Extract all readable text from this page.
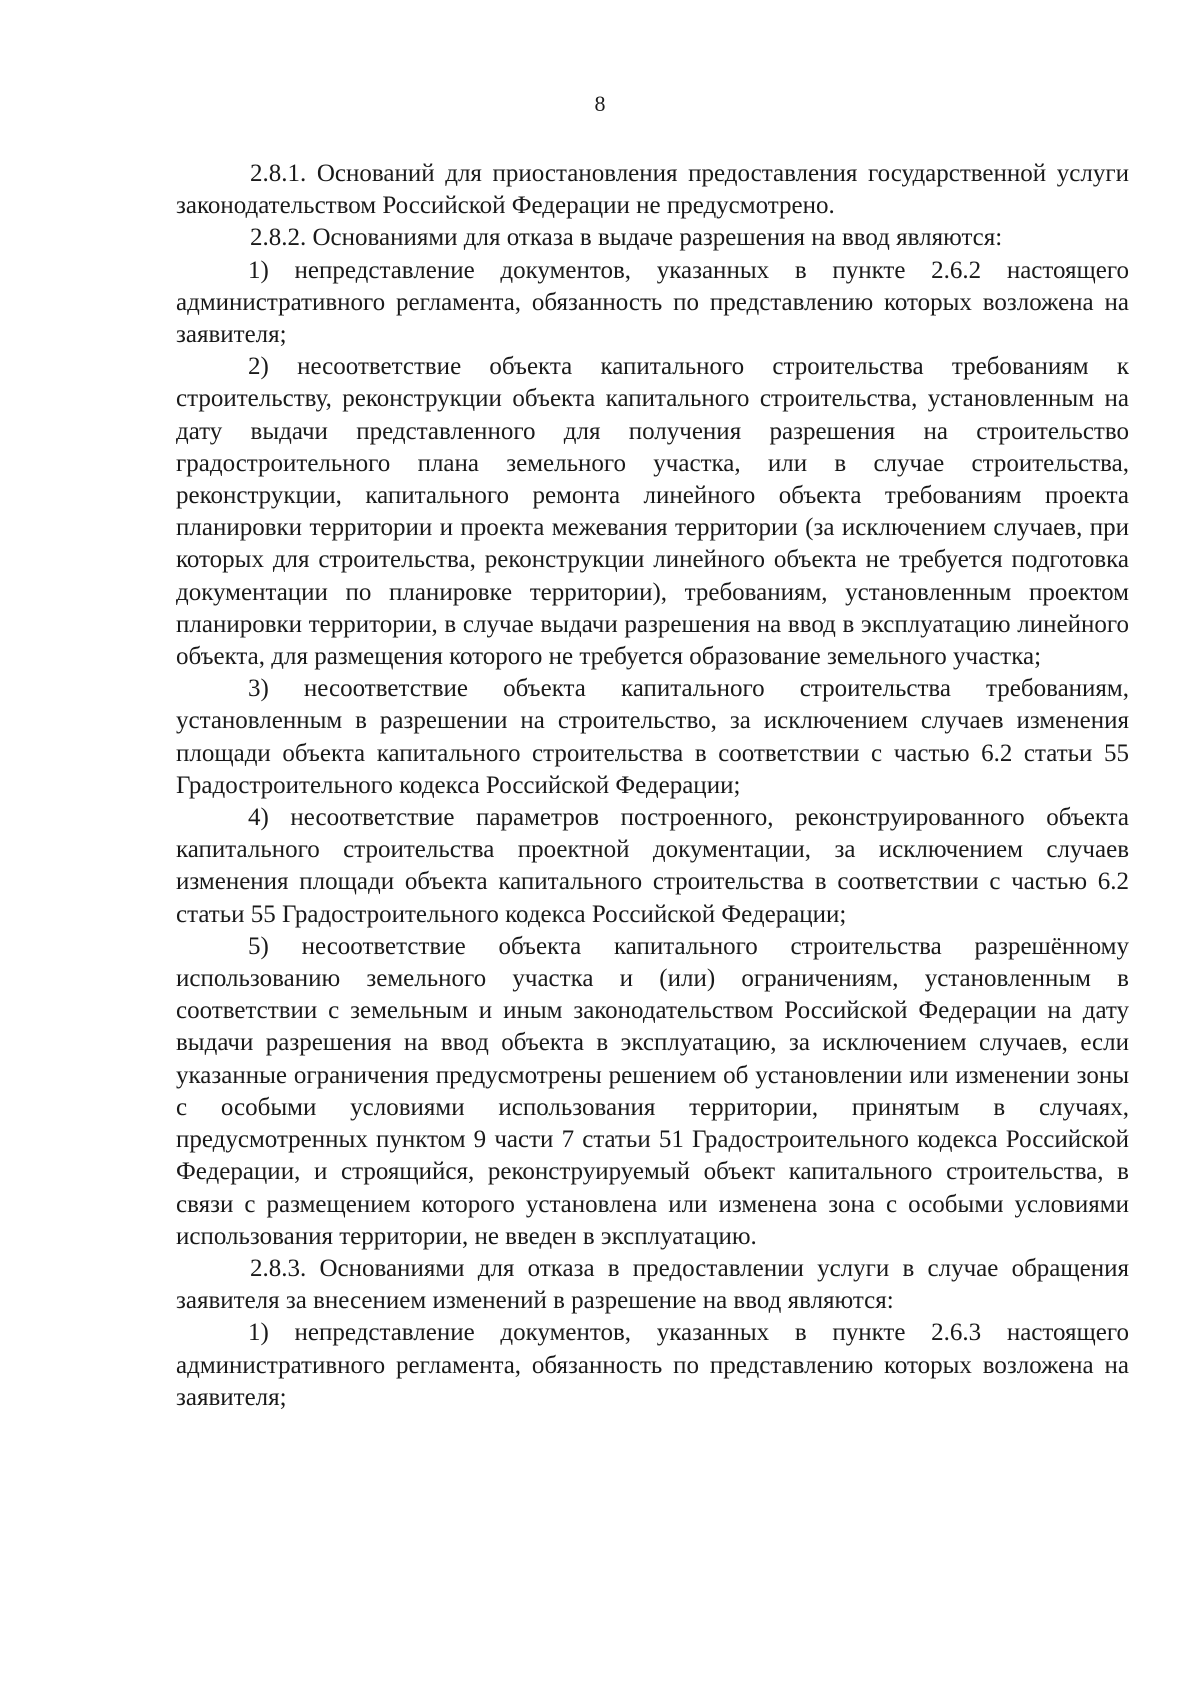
8

2.8.1. Оснований для приостановления предоставления государственной услуги законодательством Российской Федерации не предусмотрено.

2.8.2. Основаниями для отказа в выдаче разрешения на ввод являются:

1) непредставление документов, указанных в пункте 2.6.2 настоящего административного регламента, обязанность по представлению которых возложена на заявителя;

2) несоответствие объекта капитального строительства требованиям к строительству, реконструкции объекта капитального строительства, установленным на дату выдачи представленного для получения разрешения на строительство градостроительного плана земельного участка, или в случае строительства, реконструкции, капитального ремонта линейного объекта требованиям проекта планировки территории и проекта межевания территории (за исключением случаев, при которых для строительства, реконструкции линейного объекта не требуется подготовка документации по планировке территории), требованиям, установленным проектом планировки территории, в случае выдачи разрешения на ввод в эксплуатацию линейного объекта, для размещения которого не требуется образование земельного участка;

3) несоответствие объекта капитального строительства требованиям, установленным в разрешении на строительство, за исключением случаев изменения площади объекта капитального строительства в соответствии с частью 6.2 статьи 55 Градостроительного кодекса Российской Федерации;

4) несоответствие параметров построенного, реконструированного объекта капитального строительства проектной документации, за исключением случаев изменения площади объекта капитального строительства в соответствии с частью 6.2 статьи 55 Градостроительного кодекса Российской Федерации;

5) несоответствие объекта капитального строительства разрешённому использованию земельного участка и (или) ограничениям, установленным в соответствии с земельным и иным законодательством Российской Федерации на дату выдачи разрешения на ввод объекта в эксплуатацию, за исключением случаев, если указанные ограничения предусмотрены решением об установлении или изменении зоны с особыми условиями использования территории, принятым в случаях, предусмотренных пунктом 9 части 7 статьи 51 Градостроительного кодекса Российской Федерации, и строящийся, реконструируемый объект капитального строительства, в связи с размещением которого установлена или изменена зона с особыми условиями использования территории, не введен в эксплуатацию.

2.8.3. Основаниями для отказа в предоставлении услуги в случае обращения заявителя за внесением изменений в разрешение на ввод являются:

1) непредставление документов, указанных в пункте 2.6.3 настоящего административного регламента, обязанность по представлению которых возложена на заявителя;
